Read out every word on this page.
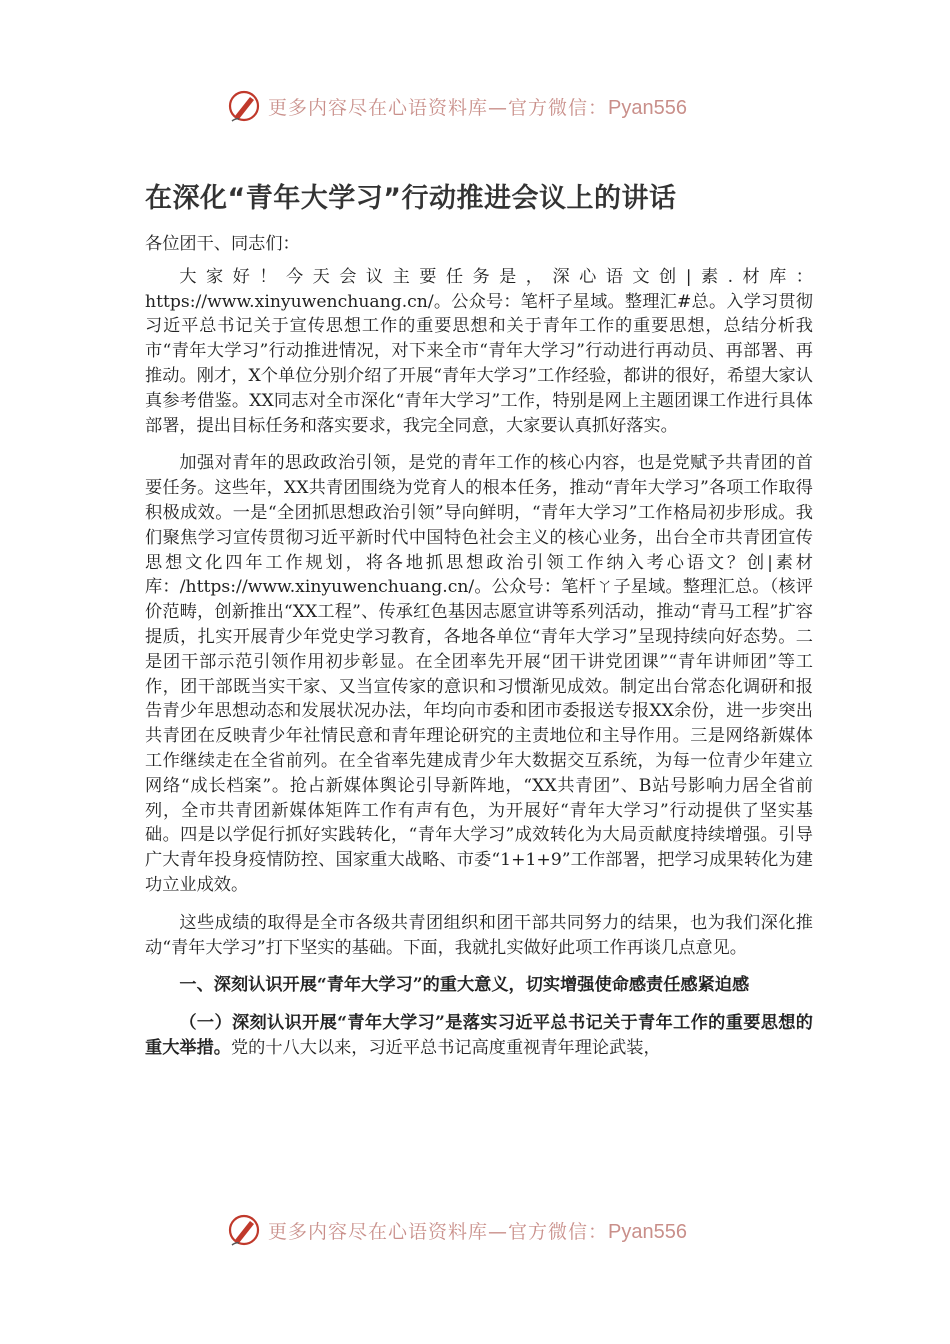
更多内容尽在心语资料库—官方微信：Pyan556
在深化“青年大学习”行动推进会议上的讲话

各位团干、同志们：

大家好！今天会议主要任务是，深心语文创|素.材库：https://www.xinyuwenchuang.cn/。公众号：笔杆子星域。整理汇#总。入学习贯彻习近平总书记关于宣传思想工作的重要思想和关于青年工作的重要思想，总结分析我市“青年大学习”行动推进情况，对下来全市“青年大学习”行动进行再动员、再部署、再推动。刚才，X个单位分别介绍了开展“青年大学习”工作经验，都讲的很好，希望大家认真参考借鉴。XX同志对全市深化“青年大学习”工作，特别是网上主题团课工作进行具体部署，提出目标任务和落实要求，我完全同意，大家要认真抓好落实。

加强对青年的思政政治引领，是党的青年工作的核心内容，也是党赋予共青团的首要任务。这些年，XX共青团围绕为党育人的根本任务，推动“青年大学习”各项工作取得积极成效。一是“全团抓思想政治引领”导向鲜明，“青年大学习”工作格局初步形成。我们聚焦学习宣传贯彻习近平新时代中国特色社会主义的核心业务，出台全市共青团宣传思想文化四年工作规划，将各地抓思想政治引领工作纳入考心语文？创|素材库：/https://www.xinyuwenchuang.cn/。公众号：笔杆ㄚ子星域。整理汇总。（核评价范畴，创新推出“XX工程”、传承红色基因志愿宣讲等系列活动，推动“青马工程”扩容提质，扎实开展青少年党史学习教育，各地各单位“青年大学习”呈现持续向好态势。二是团干部示范引领作用初步彰显。在全团率先开展“团干讲党团课”“青年讲师团”等工作，团干部既当实干家、又当宣传家的意识和习惯渐见成效。制定出台常态化调研和报告青少年思想动态和发展状况办法，年均向市委和团市委报送专报XX余份，进一步突出共青团在反映青少年社情民意和青年理论研究的主责地位和主导作用。三是网络新媒体工作继续走在全省前列。在全省率先建成青少年大数据交互系统，为每一位青少年建立网络“成长档案”。抢占新媒体舆论引导新阵地，“XX共青团”、B站号影响力居全省前列，全市共青团新媒体矩阵工作有声有色，为开展好“青年大学习”行动提供了坚实基础。四是以学促行抓好实践转化，“青年大学习”成效转化为大局贡献度持续增强。引导广大青年投身疫情防控、国家重大战略、市委“1+1+9”工作部署，把学习成果转化为建功立业成效。

这些成绩的取得是全市各级共青团组织和团干部共同努力的结果，也为我们深化推动“青年大学习”打下坚实的基础。下面，我就扎实做好此项工作再谈几点意见。

一、深刻认识开展“青年大学习”的重大意义，切实增强使命感责任感紧迫感

（一）深刻认识开展“青年大学习”是落实习近平总书记关于青年工作的重要思想的重大举措。党的十八大以来，习近平总书记高度重视青年理论武装，

更多内容尽在心语资料库—官方微信：Pyan556
